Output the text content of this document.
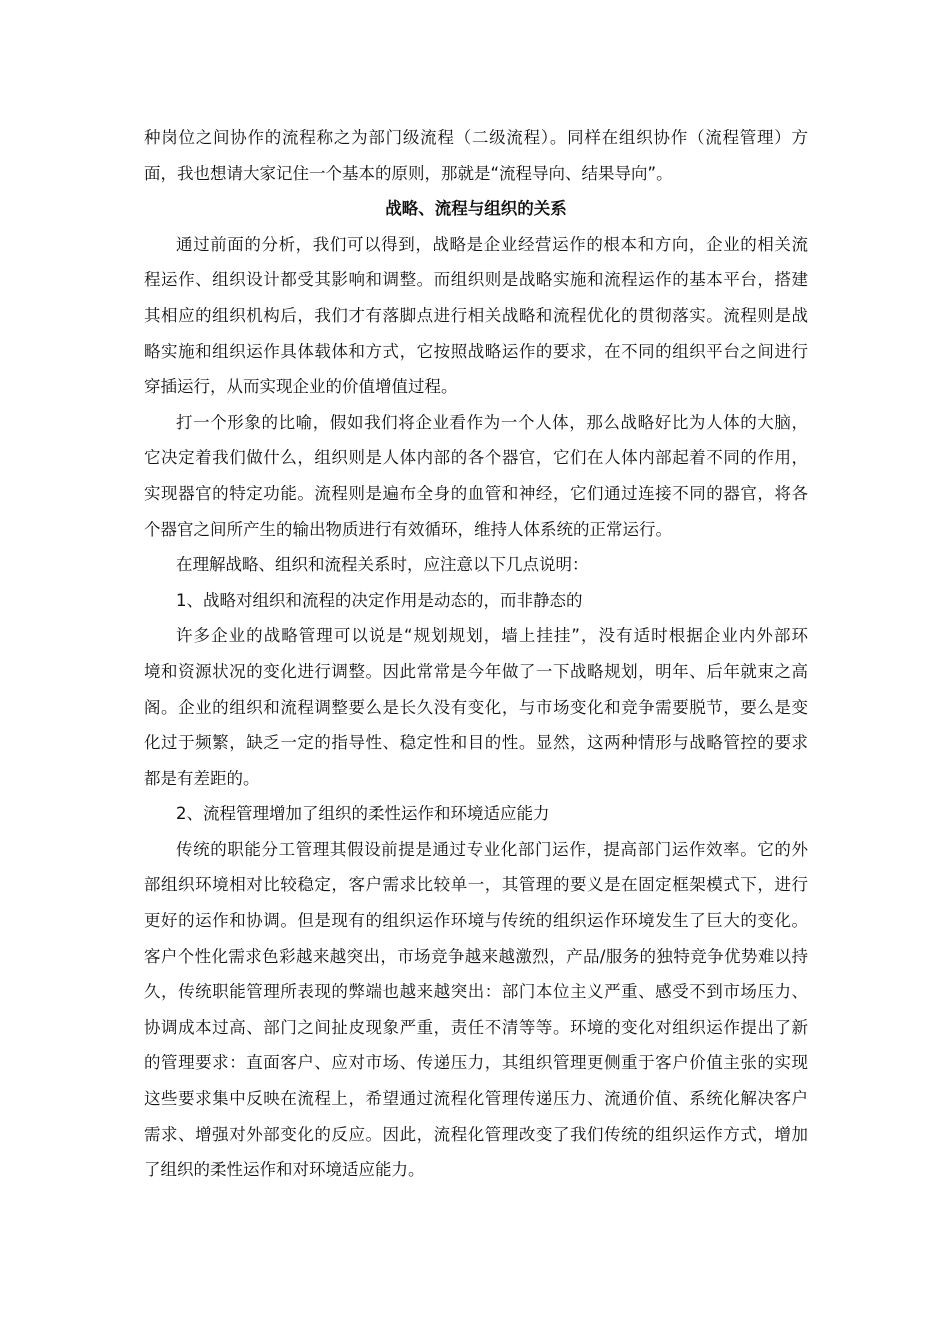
种岗位之间协作的流程称之为部门级流程（二级流程）。同样在组织协作（流程管理）方
面，我也想请大家记住一个基本的原则，那就是“流程导向、结果导向”。
战略、流程与组织的关系
通过前面的分析，我们可以得到，战略是企业经营运作的根本和方向，企业的相关流
程运作、组织设计都受其影响和调整。而组织则是战略实施和流程运作的基本平台，搭建
其相应的组织机构后，我们才有落脚点进行相关战略和流程优化的贯彻落实。流程则是战
略实施和组织运作具体载体和方式，它按照战略运作的要求，在不同的组织平台之间进行
穿插运行，从而实现企业的价值增值过程。
打一个形象的比喻，假如我们将企业看作为一个人体，那么战略好比为人体的大脑，
它决定着我们做什么，组织则是人体内部的各个器官，它们在人体内部起着不同的作用，
实现器官的特定功能。流程则是遍布全身的血管和神经，它们通过连接不同的器官，将各
个器官之间所产生的输出物质进行有效循环，维持人体系统的正常运行。
在理解战略、组织和流程关系时，应注意以下几点说明：
1、战略对组织和流程的决定作用是动态的，而非静态的
许多企业的战略管理可以说是“规划规划，墙上挂挂”，没有适时根据企业内外部环
境和资源状况的变化进行调整。因此常常是今年做了一下战略规划，明年、后年就束之高
阁。企业的组织和流程调整要么是长久没有变化，与市场变化和竞争需要脱节，要么是变
化过于频繁，缺乏一定的指导性、稳定性和目的性。显然，这两种情形与战略管控的要求
都是有差距的。
2、流程管理增加了组织的柔性运作和环境适应能力
传统的职能分工管理其假设前提是通过专业化部门运作，提高部门运作效率。它的外
部组织环境相对比较稳定，客户需求比较单一，其管理的要义是在固定框架模式下，进行
更好的运作和协调。但是现有的组织运作环境与传统的组织运作环境发生了巨大的变化。
客户个性化需求色彩越来越突出，市场竞争越来越激烈，产品/服务的独特竞争优势难以持
久，传统职能管理所表现的弊端也越来越突出：部门本位主义严重、感受不到市场压力、
协调成本过高、部门之间扯皮现象严重，责任不清等等。环境的变化对组织运作提出了新
的管理要求：直面客户、应对市场、传递压力，其组织管理更侧重于客户价值主张的实现
这些要求集中反映在流程上，希望通过流程化管理传递压力、流通价值、系统化解决客户
需求、增强对外部变化的反应。因此，流程化管理改变了我们传统的组织运作方式，增加
了组织的柔性运作和对环境适应能力。
